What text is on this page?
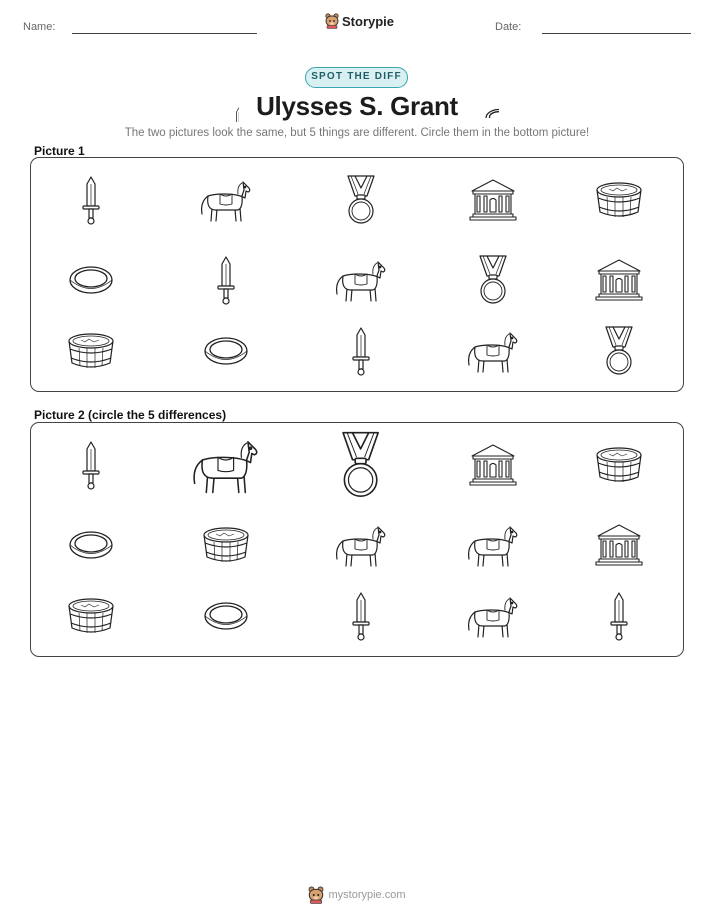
Name:	Storypie	Date:
SPOT THE DIFF
Ulysses S. Grant
The two pictures look the same, but 5 things are different. Circle them in the bottom picture!
Picture 1
Picture 2 (circle the 5 differences)
mystorypie.com
